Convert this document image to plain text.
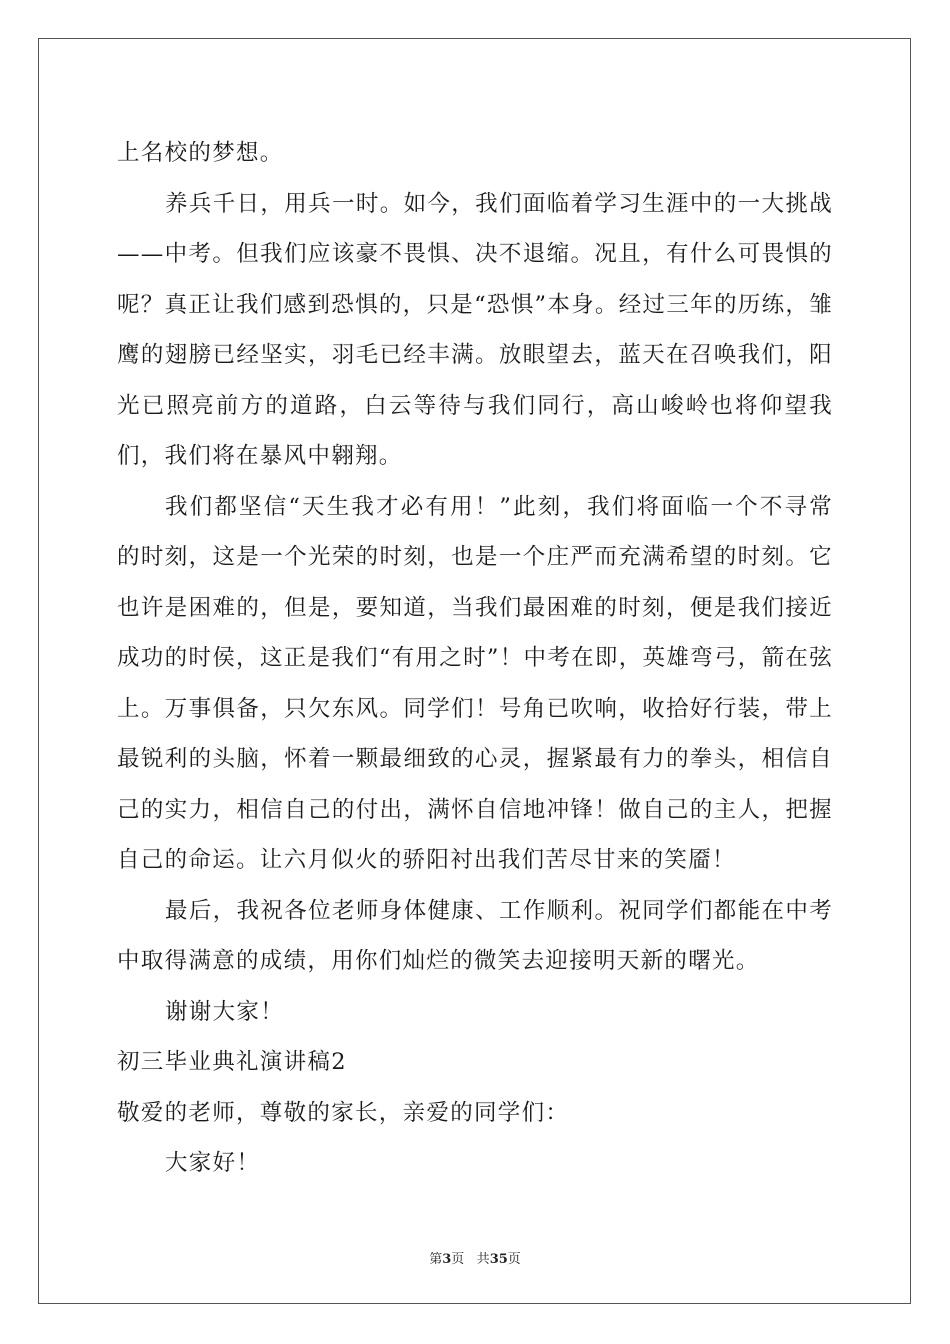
上名校的梦想。

养兵千日，用兵一时。如今，我们面临着学习生涯中的一大挑战——中考。但我们应该豪不畏惧、决不退缩。况且，有什么可畏惧的呢？真正让我们感到恐惧的，只是“恐惧”本身。经过三年的历练，雏鹰的翅膀已经坚实，羽毛已经丰满。放眼望去，蓝天在召唤我们，阳光已照亮前方的道路，白云等待与我们同行，高山峻岭也将仰望我们，我们将在暴风中翱翔。

我们都坚信“天生我才必有用！”此刻，我们将面临一个不寻常的时刻，这是一个光荣的时刻，也是一个庄严而充满希望的时刻。它也许是困难的，但是，要知道，当我们最困难的时刻，便是我们接近成功的时侯，这正是我们“有用之时”！中考在即，英雄弯弓，箭在弦上。万事俱备，只欠东风。同学们！号角已吹响，收拾好行装，带上最锐利的头脑，怀着一颗最细致的心灵，握紧最有力的拳头，相信自己的实力，相信自己的付出，满怀自信地冲锋！做自己的主人，把握自己的命运。让六月似火的骄阳衬出我们苦尽甘来的笑靥！

最后，我祝各位老师身体健康、工作顺利。祝同学们都能在中考中取得满意的成绩，用你们灿烂的微笑去迎接明天新的曙光。

谢谢大家！

初三毕业典礼演讲稿2

敬爱的老师，尊敬的家长，亲爱的同学们：

大家好！

第3页 共35页
